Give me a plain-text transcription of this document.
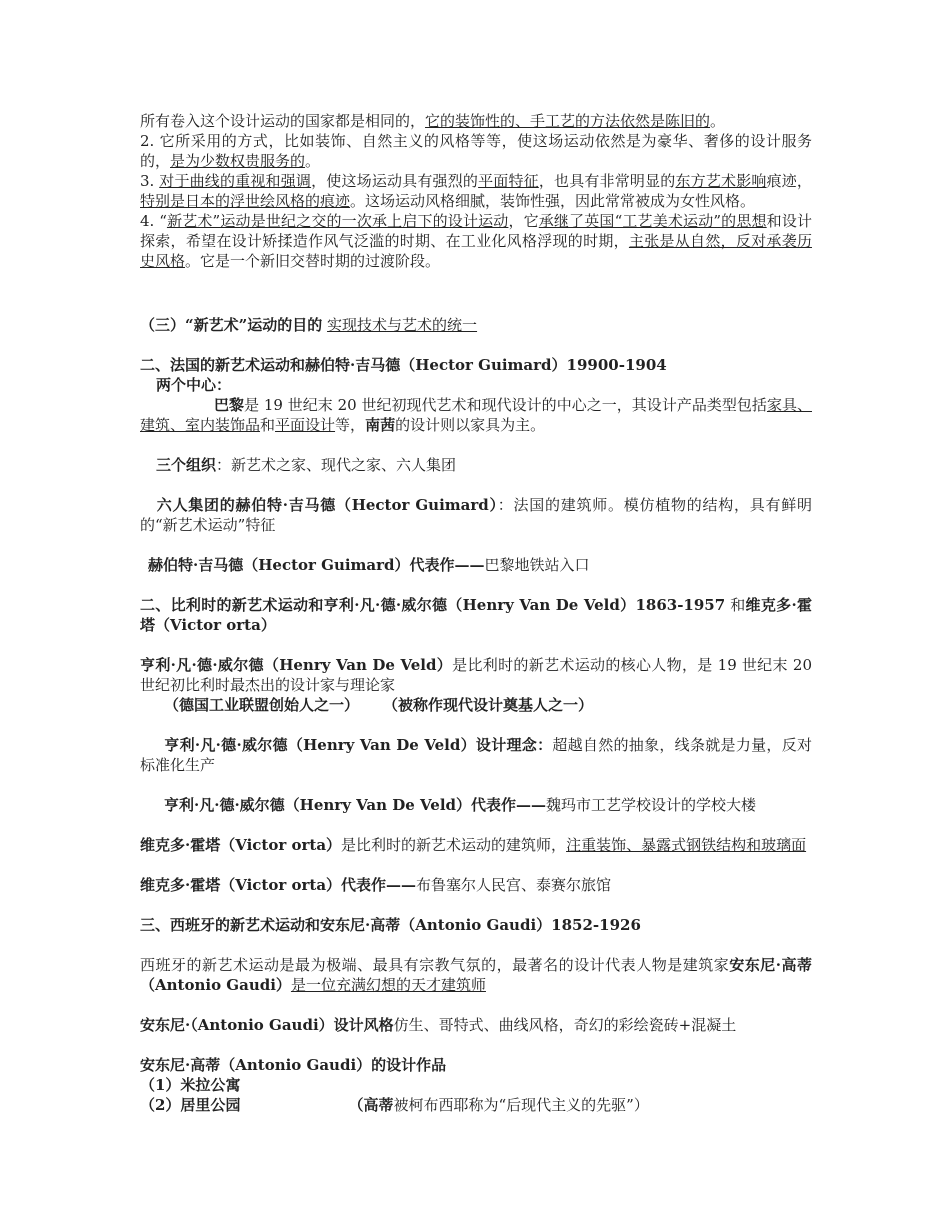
所有卷入这个设计运动的国家都是相同的，它的装饰性的、手工艺的方法依然是陈旧的。

2. 它所采用的方式，比如装饰、自然主义的风格等等，使这场运动依然是为豪华、奢侈的设计服务的，是为少数权贵服务的。

3. 对于曲线的重视和强调，使这场运动具有强烈的平面特征，也具有非常明显的东方艺术影响痕迹，特别是日本的浮世绘风格的痕迹。这场运动风格细腻，装饰性强，因此常常被成为女性风格。

4. “新艺术”运动是世纪之交的一次承上启下的设计运动，它承继了英国“工艺美术运动”的思想和设计探索，希望在设计矫揉造作风气泛滥的时期、在工业化风格浮现的时期，主张是从自然，反对承袭历史风格。它是一个新旧交替时期的过渡阶段。

（三）“新艺术”运动的目的 实现技术与艺术的统一

二、法国的新艺术运动和赫伯特·吉马德（Hector Guimard）19900-1904

两个中心：

巴黎是 19 世纪末 20 世纪初现代艺术和现代设计的中心之一，其设计产品类型包括家具、建筑、室内装饰品和平面设计等，南茜的设计则以家具为主。

三个组织：新艺术之家、现代之家、六人集团

六人集团的赫伯特·吉马德（Hector Guimard）：法国的建筑师。模仿植物的结构，具有鲜明的“新艺术运动”特征

赫伯特·吉马德（Hector Guimard）代表作——巴黎地铁站入口

二、比利时的新艺术运动和亨利·凡·德·威尔德（Henry Van De Veld）1863-1957 和维克多·霍塔（Victor orta）

亨利·凡·德·威尔德（Henry Van De Veld）是比利时的新艺术运动的核心人物，是 19 世纪末 20 世纪初比利时最杰出的设计家与理论家

（德国工业联盟创始人之一） （被称作现代设计奠基人之一）

亨利·凡·德·威尔德（Henry Van De Veld）设计理念：超越自然的抽象，线条就是力量，反对标准化生产

亨利·凡·德·威尔德（Henry Van De Veld）代表作——魏玛市工艺学校设计的学校大楼

维克多·霍塔（Victor orta）是比利时的新艺术运动的建筑师，注重装饰、暴露式钢铁结构和玻璃面

维克多·霍塔（Victor orta）代表作——布鲁塞尔人民宫、泰赛尔旅馆

三、西班牙的新艺术运动和安东尼·高蒂（Antonio Gaudi）1852-1926

西班牙的新艺术运动是最为极端、最具有宗教气氛的，最著名的设计代表人物是建筑家安东尼·高蒂（Antonio Gaudi）是一位充满幻想的天才建筑师

安东尼·（Antonio Gaudi）设计风格仿生、哥特式、曲线风格，奇幻的彩绘瓷砖+混凝土

安东尼·高蒂（Antonio Gaudi）的设计作品

（1）米拉公寓

（2）居里公园	（高蒂被柯布西耶称为“后现代主义的先驱”）
